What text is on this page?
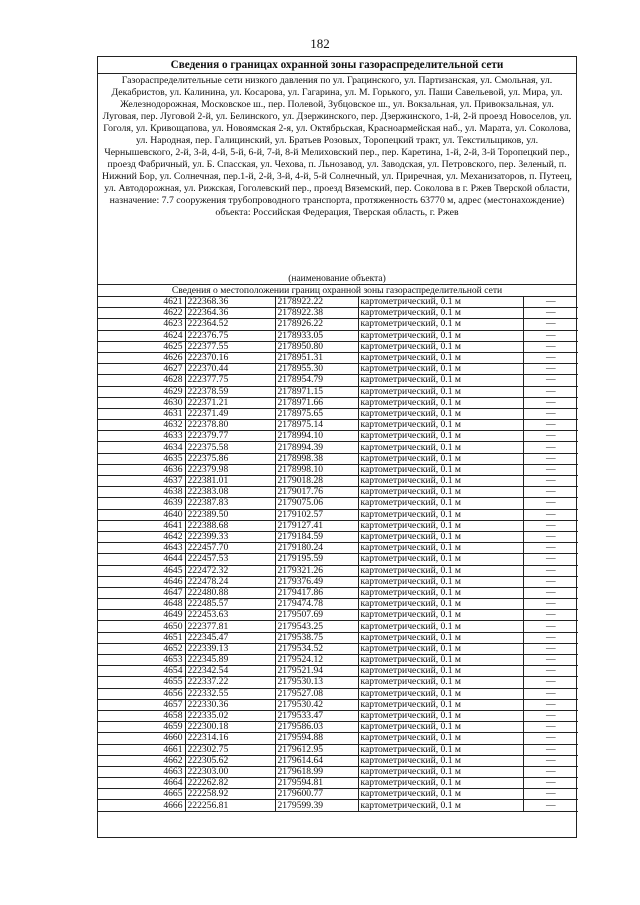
182
Сведения о границах охранной зоны газораспределительной сети
Газораспределительные сети низкого давления по ул. Грацинского, ул. Партизанская, ул. Смольная, ул. Декабристов, ул. Калинина, ул. Косарова, ул. Гагарина, ул. М. Горького, ул. Паши Савельевой, ул. Мира, ул. Железнодорожная, Московское ш., пер. Полевой, Зубцовское ш., ул. Вокзальная, ул. Привокзальная, ул. Луговая, пер. Луговой 2-й, ул. Белинского, ул. Дзержинского, пер. Дзержинского, 1-й, 2-й проезд Новоселов, ул. Гоголя, ул. Кривощапова, ул. Новоямская 2-я, ул. Октябрьская, Красноармейская наб., ул. Марата, ул. Соколова, ул. Народная, пер. Галицинский, ул. Братьев Розовых, Торопецкий тракт, ул. Текстильщиков, ул. Чернышевского, 2-й, 3-й, 4-й, 5-й, 6-й, 7-й, 8-й Мелиховский пер., пер. Каретина, 1-й, 2-й, 3-й Торопецкий пер., проезд Фабричный, ул. Б. Спасская, ул. Чехова, п. Льнозавод, ул. Заводская, ул. Петровского, пер. Зеленый, п. Нижний Бор, ул. Солнечная, пер.1-й, 2-й, 3-й, 4-й, 5-й Солнечный, ул. Приречная, ул. Механизаторов, п. Путеец, ул. Автодорожная, ул. Рижская, Гоголевский пер., проезд Вяземский, пер. Соколова в г. Ржев Тверской области, назначение: 7.7 сооружения трубопроводного транспорта, протяженность 63770 м, адрес (местонахождение) объекта: Российская Федерация, Тверская область, г. Ржев
(наименование объекта)
Сведения о местоположении границ охранной зоны газораспределительной сети
4621	222368.36	2178922.22	картометрический, 0.1 м	—
4622	222364.36	2178922.38	картометрический, 0.1 м	—
4623	222364.52	2178926.22	картометрический, 0.1 м	—
4624	222376.75	2178933.05	картометрический, 0.1 м	—
4625	222377.55	2178950.80	картометрический, 0.1 м	—
4626	222370.16	2178951.31	картометрический, 0.1 м	—
4627	222370.44	2178955.30	картометрический, 0.1 м	—
4628	222377.75	2178954.79	картометрический, 0.1 м	—
4629	222378.59	2178971.15	картометрический, 0.1 м	—
4630	222371.21	2178971.66	картометрический, 0.1 м	—
4631	222371.49	2178975.65	картометрический, 0.1 м	—
4632	222378.80	2178975.14	картометрический, 0.1 м	—
4633	222379.77	2178994.10	картометрический, 0.1 м	—
4634	222375.58	2178994.39	картометрический, 0.1 м	—
4635	222375.86	2178998.38	картометрический, 0.1 м	—
4636	222379.98	2178998.10	картометрический, 0.1 м	—
4637	222381.01	2179018.28	картометрический, 0.1 м	—
4638	222383.08	2179017.76	картометрический, 0.1 м	—
4639	222387.83	2179075.06	картометрический, 0.1 м	—
4640	222389.50	2179102.57	картометрический, 0.1 м	—
4641	222388.68	2179127.41	картометрический, 0.1 м	—
4642	222399.33	2179184.59	картометрический, 0.1 м	—
4643	222457.70	2179180.24	картометрический, 0.1 м	—
4644	222457.53	2179195.59	картометрический, 0.1 м	—
4645	222472.32	2179321.26	картометрический, 0.1 м	—
4646	222478.24	2179376.49	картометрический, 0.1 м	—
4647	222480.88	2179417.86	картометрический, 0.1 м	—
4648	222485.57	2179474.78	картометрический, 0.1 м	—
4649	222453.63	2179507.69	картометрический, 0.1 м	—
4650	222377.81	2179543.25	картометрический, 0.1 м	—
4651	222345.47	2179538.75	картометрический, 0.1 м	—
4652	222339.13	2179534.52	картометрический, 0.1 м	—
4653	222345.89	2179524.12	картометрический, 0.1 м	—
4654	222342.54	2179521.94	картометрический, 0.1 м	—
4655	222337.22	2179530.13	картометрический, 0.1 м	—
4656	222332.55	2179527.08	картометрический, 0.1 м	—
4657	222330.36	2179530.42	картометрический, 0.1 м	—
4658	222335.02	2179533.47	картометрический, 0.1 м	—
4659	222300.18	2179586.03	картометрический, 0.1 м	—
4660	222314.16	2179594.88	картометрический, 0.1 м	—
4661	222302.75	2179612.95	картометрический, 0.1 м	—
4662	222305.62	2179614.64	картометрический, 0.1 м	—
4663	222303.00	2179618.99	картометрический, 0.1 м	—
4664	222262.82	2179594.81	картометрический, 0.1 м	—
4665	222258.92	2179600.77	картометрический, 0.1 м	—
4666	222256.81	2179599.39	картометрический, 0.1 м	—
